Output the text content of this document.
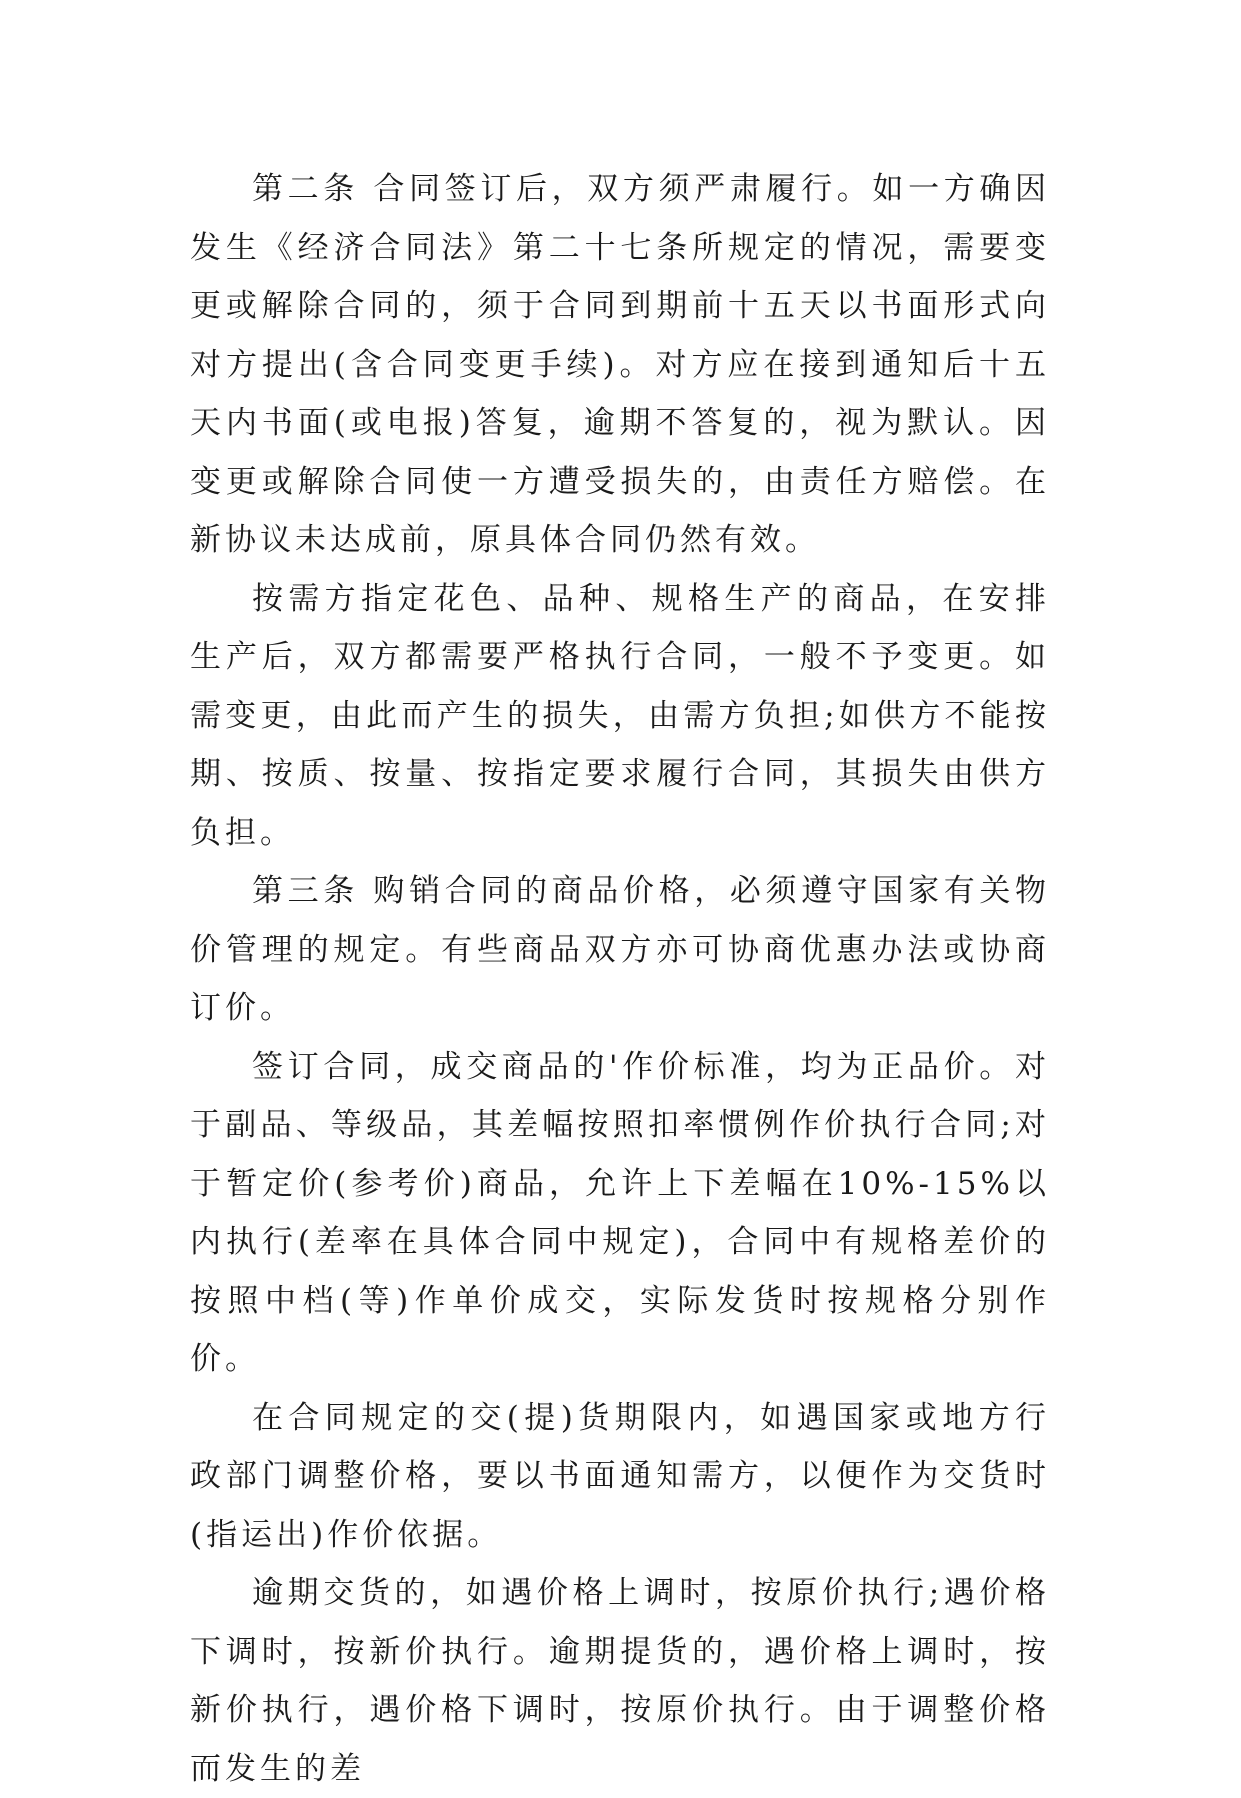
第二条 合同签订后，双方须严肃履行。如一方确因发生《经济合同法》第二十七条所规定的情况，需要变更或解除合同的，须于合同到期前十五天以书面形式向对方提出(含合同变更手续)。对方应在接到通知后十五天内书面(或电报)答复，逾期不答复的，视为默认。因变更或解除合同使一方遭受损失的，由责任方赔偿。在新协议未达成前，原具体合同仍然有效。

按需方指定花色、品种、规格生产的商品，在安排生产后，双方都需要严格执行合同，一般不予变更。如需变更，由此而产生的损失，由需方负担;如供方不能按期、按质、按量、按指定要求履行合同，其损失由供方负担。

第三条 购销合同的商品价格，必须遵守国家有关物价管理的规定。有些商品双方亦可协商优惠办法或协商订价。

签订合同，成交商品的'作价标准，均为正品价。对于副品、等级品，其差幅按照扣率惯例作价执行合同;对于暂定价(参考价)商品，允许上下差幅在10%-15%以内执行(差率在具体合同中规定)，合同中有规格差价的按照中档(等)作单价成交，实际发货时按规格分别作价。

在合同规定的交(提)货期限内，如遇国家或地方行政部门调整价格，要以书面通知需方，以便作为交货时(指运出)作价依据。

逾期交货的，如遇价格上调时，按原价执行;遇价格下调时，按新价执行。逾期提货的，遇价格上调时，按新价执行，遇价格下调时，按原价执行。由于调整价格而发生的差
